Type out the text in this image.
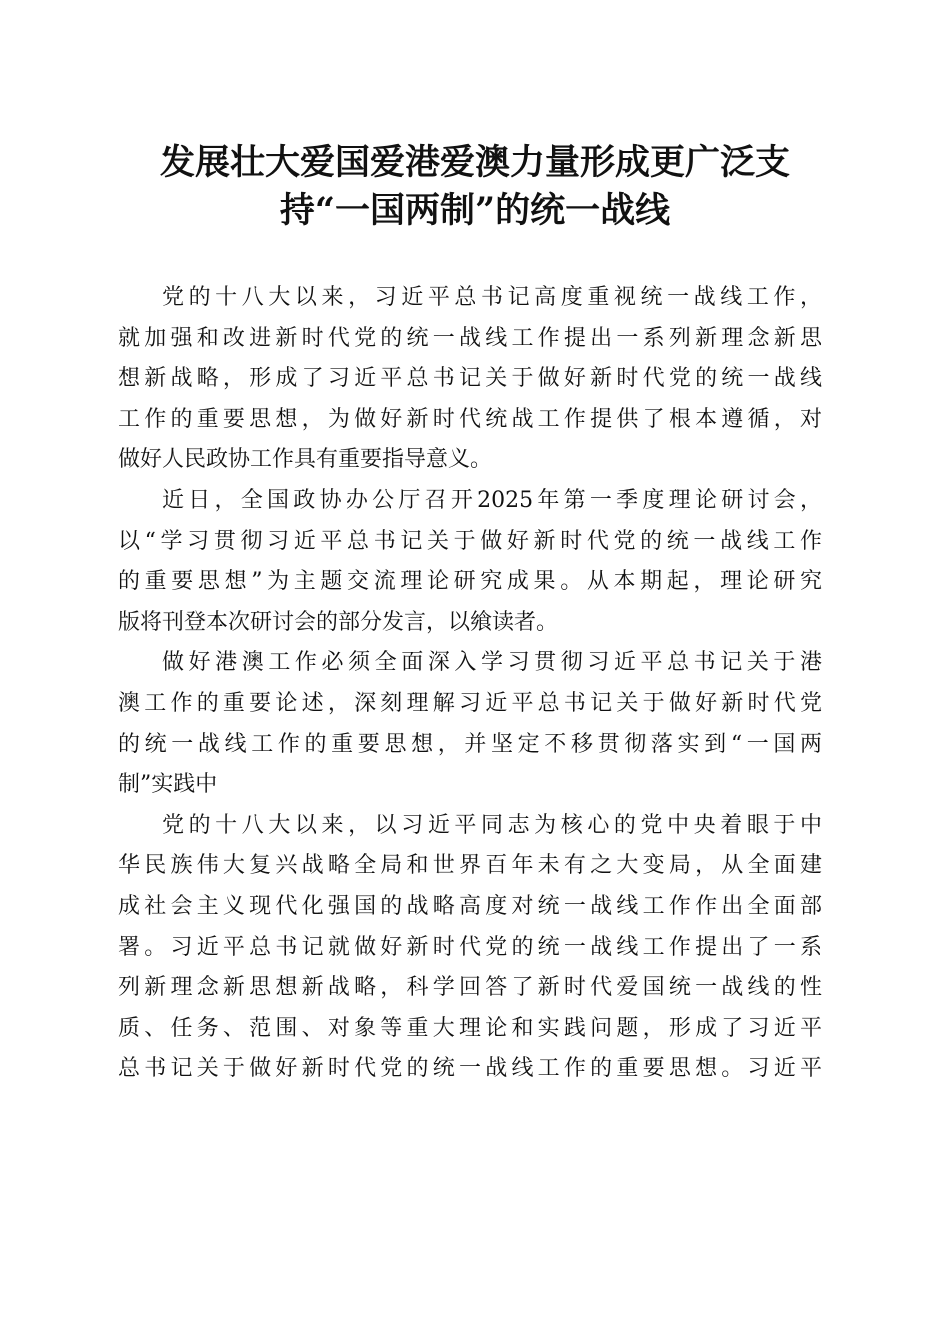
发展壮大爱国爱港爱澳力量形成更广泛支
持“一国两制”的统一战线
党的十八大以来，习近平总书记高度重视统一战线工作，
就加强和改进新时代党的统一战线工作提出一系列新理念新思
想新战略，形成了习近平总书记关于做好新时代党的统一战线
工作的重要思想，为做好新时代统战工作提供了根本遵循，对
做好人民政协工作具有重要指导意义。
近日，全国政协办公厅召开2025年第一季度理论研讨会，
以“学习贯彻习近平总书记关于做好新时代党的统一战线工作
的重要思想”为主题交流理论研究成果。从本期起，理论研究
版将刊登本次研讨会的部分发言，以飨读者。
做好港澳工作必须全面深入学习贯彻习近平总书记关于港
澳工作的重要论述，深刻理解习近平总书记关于做好新时代党
的统一战线工作的重要思想，并坚定不移贯彻落实到“一国两
制”实践中
党的十八大以来，以习近平同志为核心的党中央着眼于中
华民族伟大复兴战略全局和世界百年未有之大变局，从全面建
成社会主义现代化强国的战略高度对统一战线工作作出全面部
署。习近平总书记就做好新时代党的统一战线工作提出了一系
列新理念新思想新战略，科学回答了新时代爱国统一战线的性
质、任务、范围、对象等重大理论和实践问题，形成了习近平
总书记关于做好新时代党的统一战线工作的重要思想。习近平
